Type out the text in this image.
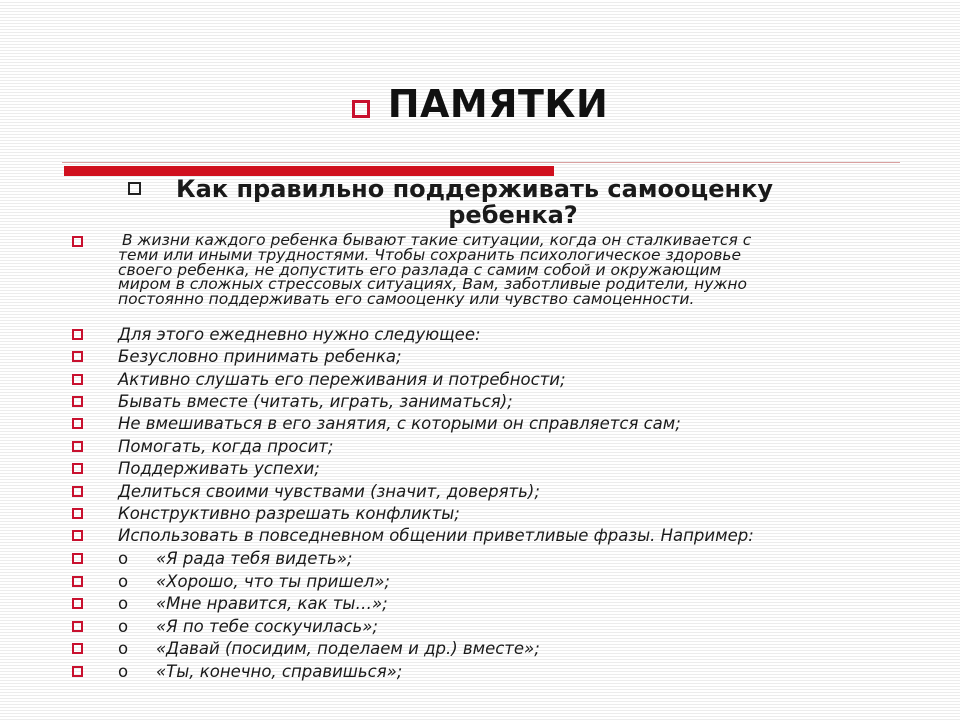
ПАМЯТКИ
Как правильно поддерживать самооценку
ребенка?
В жизни каждого ребенка бывают такие ситуации, когда он сталкивается с
теми или иными трудностями. Чтобы сохранить психологическое здоровье
своего ребенка, не допустить его разлада с самим собой и окружающим
миром в сложных стрессовых ситуациях, Вам, заботливые родители, нужно
постоянно поддерживать его самооценку или чувство самоценности.
Для этого ежедневно нужно следующее:
Безусловно принимать ребенка;
Активно слушать его переживания и потребности;
Бывать вместе (читать, играть, заниматься);
Не вмешиваться в его занятия, с которыми он справляется сам;
Помогать, когда просит;
Поддерживать успехи;
Делиться своими чувствами (значит, доверять);
Конструктивно разрешать конфликты;
Использовать в повседневном общении приветливые фразы. Например:
o «Я рада тебя видеть»;
o «Хорошо, что ты пришел»;
o «Мне нравится, как ты…»;
o «Я по тебе соскучилась»;
o «Давай (посидим, поделаем и др.) вместе»;
o «Ты, конечно, справишься»;
